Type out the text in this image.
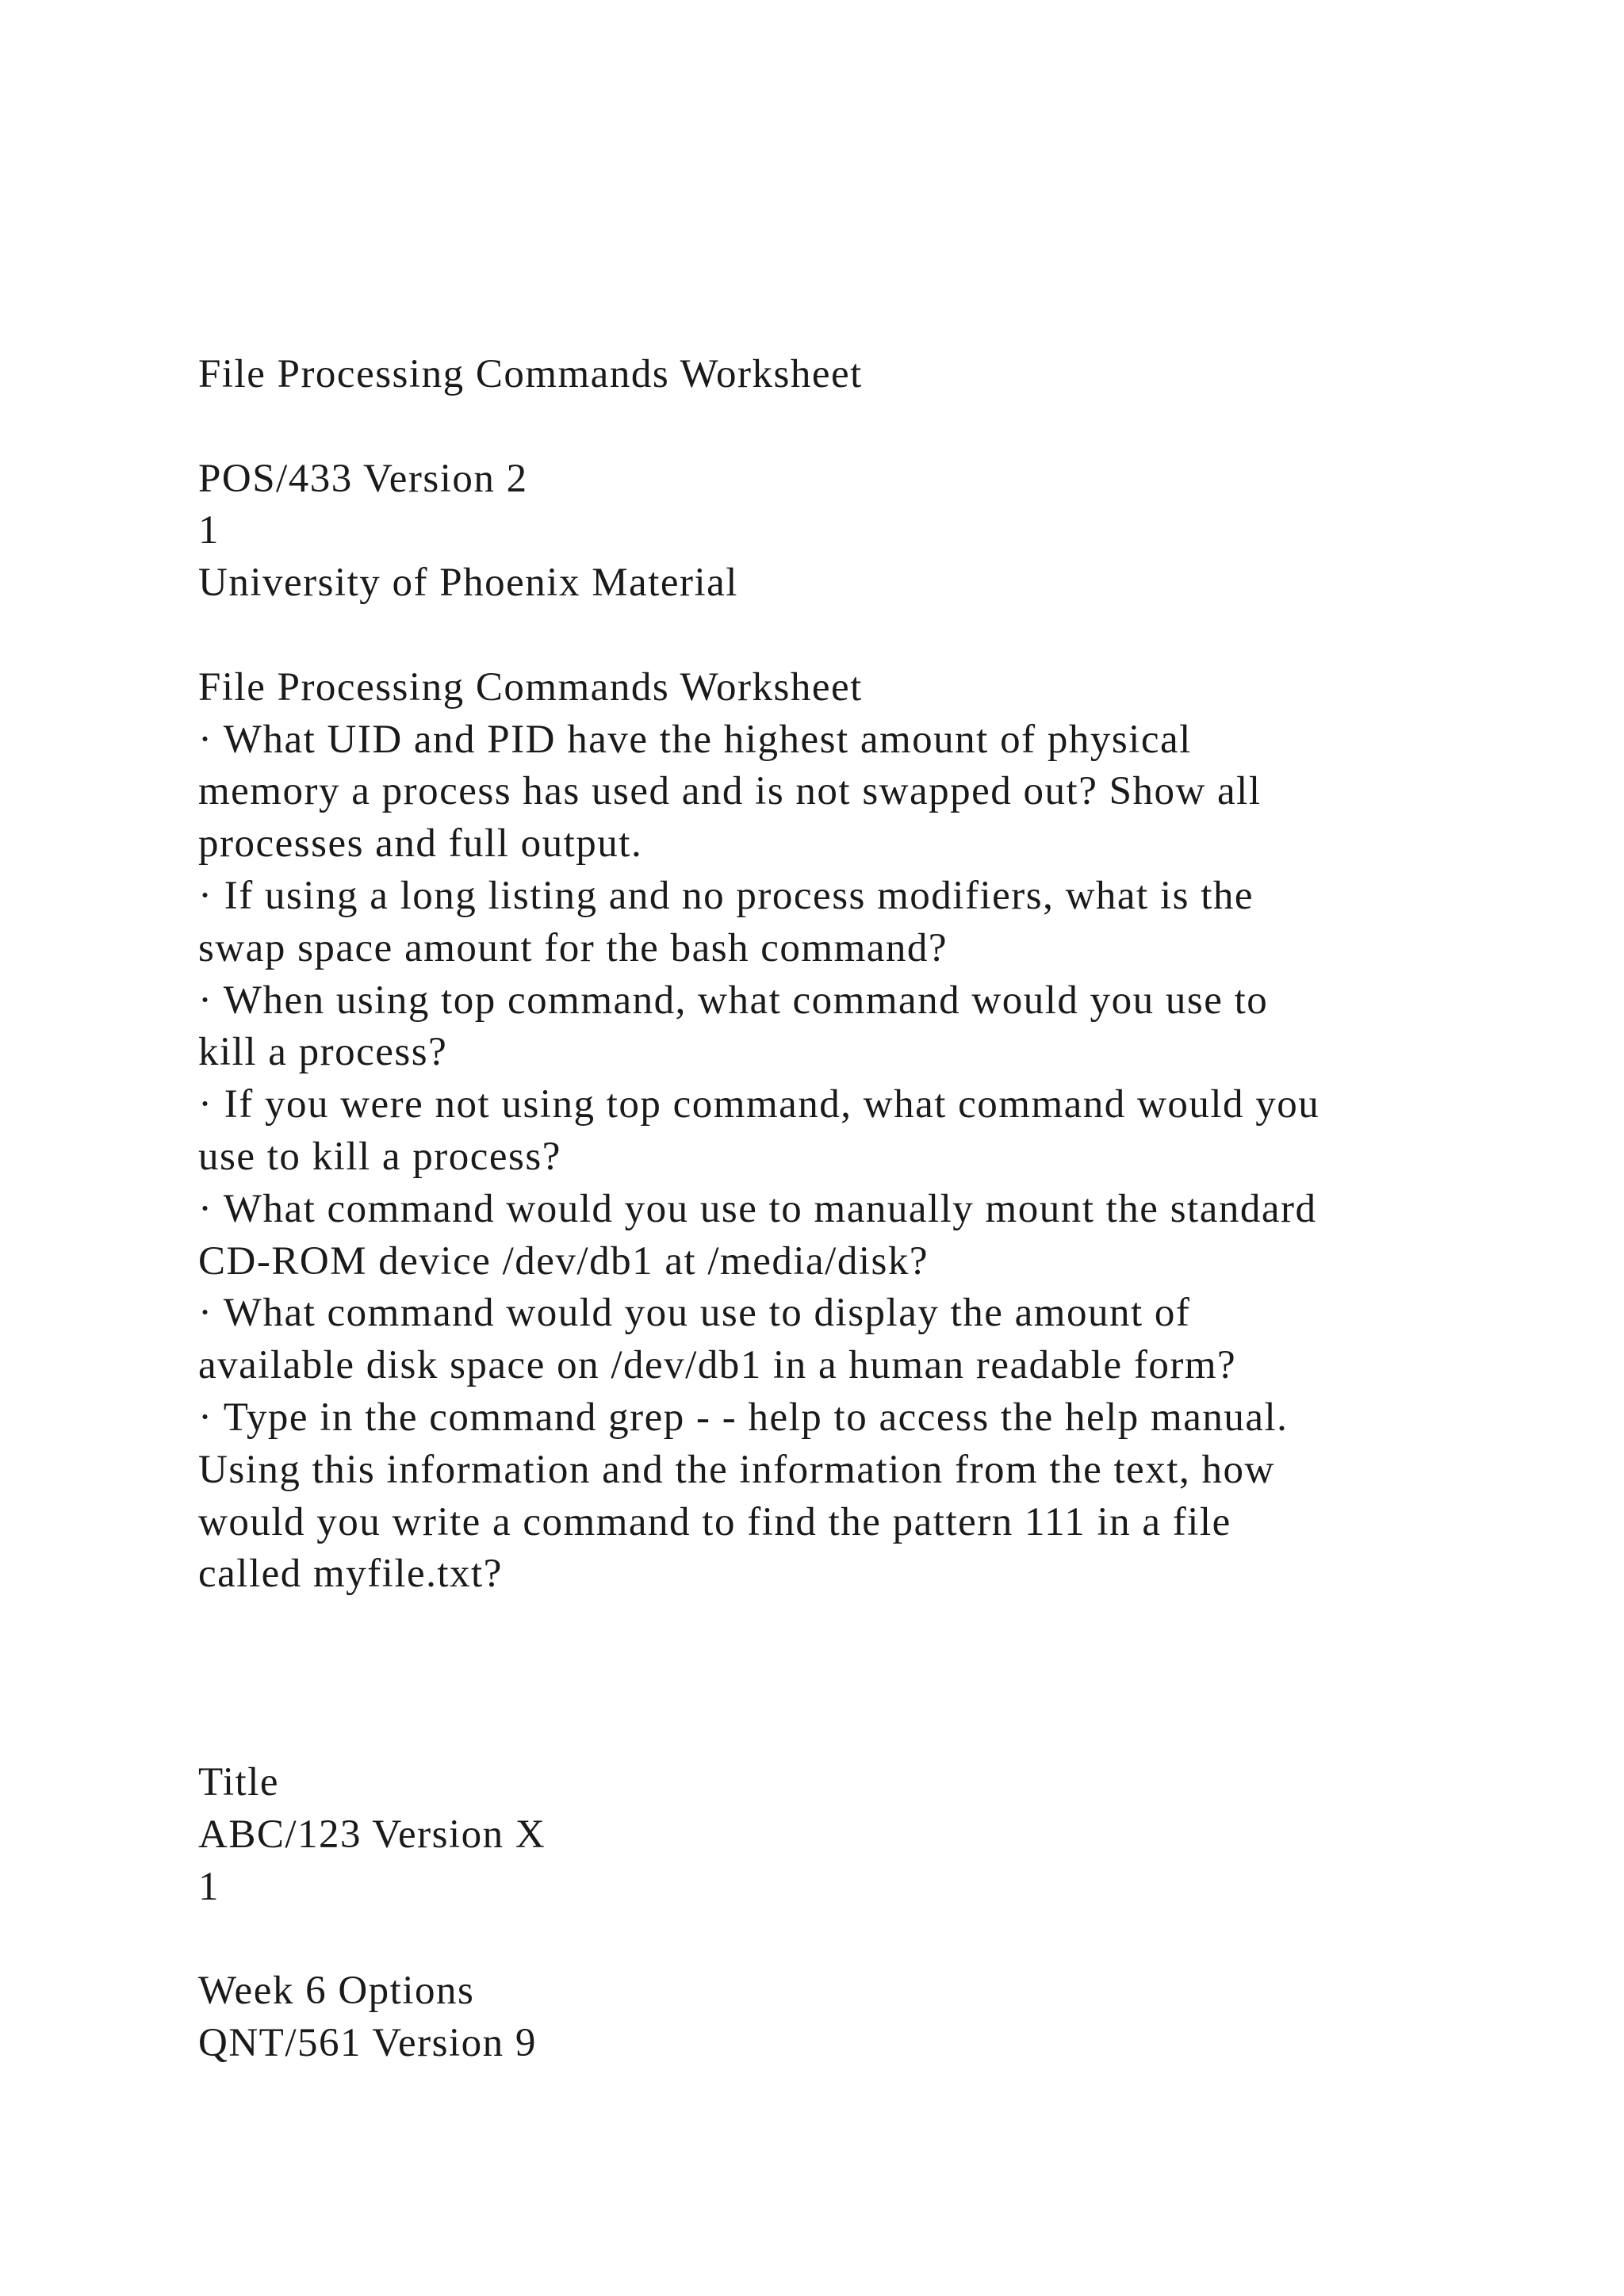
File Processing Commands Worksheet
POS/433 Version 2
1
University of Phoenix Material
File Processing Commands Worksheet
· What UID and PID have the highest amount of physical
memory a process has used and is not swapped out? Show all
processes and full output.
· If using a long listing and no process modifiers, what is the
swap space amount for the bash command?
· When using top command, what command would you use to
kill a process?
· If you were not using top command, what command would you
use to kill a process?
· What command would you use to manually mount the standard
CD-ROM device /dev/db1 at /media/disk?
· What command would you use to display the amount of
available disk space on /dev/db1 in a human readable form?
· Type in the command grep - - help to access the help manual.
Using this information and the information from the text, how
would you write a command to find the pattern 111 in a file
called myfile.txt?
Title
ABC/123 Version X
1
Week 6 Options
QNT/561 Version 9
